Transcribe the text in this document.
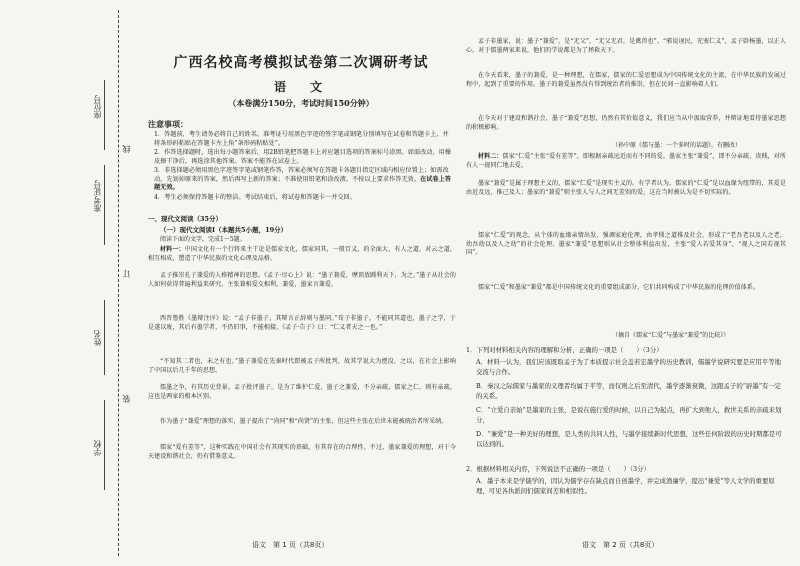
座位号
准考证号
姓名
学校
线
订
装
广西名校高考模拟试卷第二次调研考试
语　文
（本卷满分150分，考试时间150分钟）
注意事项：
1．答题前，考生请务必将自己的姓名、准考证号用黑色字迹的签字笔或钢笔分别填写在试卷和答题卡上，并将条形码粘贴在答题卡左上角“条形码粘贴处”。
2．作答选择题时，选出每小题答案后，用2B铅笔把答题卡上对应题目选项的答案标号涂黑。如需改动，用橡皮擦干净后，再选涂其他答案。答案不能答在试卷上。
3．非选择题必须用黑色字迹签字笔或钢笔作答，答案必须写在答题卡各题目指定区域内相应位置上；如需改动，先划掉原来的答案，然后再写上新的答案；不准使用铅笔和涂改液。不按以上要求作答无效。在试卷上答题无效。
4．考生必须保持答题卡的整洁。考试结束后，将试卷和答题卡一并交回。
一、现代文阅读（35分）
（一）现代文阅读Ⅰ（本题共5小题，19分）
阅读下面的文字，完成1～5题。
材料一：中国文化有一个行将来主干论是儒家文化，儒家同其，一般百义，的全面大，有人之道，对云之道，相互相成，塑造了中华民族的文化心理及品格。
孟子推崇孔子兼爱的人格精神的思想。《孟子·尽心上》说：“墨子兼爱，摩顶放踵利天下，为之。”墨子从社会的人如何获得普遍利益来研究，主张兼相爱交相利，兼爱，墨家言兼爱。
西晋鲁胜《墨辩注序》说：“孟子非墨子，其辩言正辞则与墨同。”荀子非墨子，不能同其道也，墨子之学，于是遂以废，其后有墨学者，不仍旧事，不能相接，《孟子·告子》曰：“仁义者天之一也。”
“不知其二者也，未之有也。”墨子兼爱在先秦时代即被孟子所批判，故其学说大为湮没，之以，在社会上影响了中国以后几千年的思想。
儒墨之争，有其历史背景。孟子批评墨子，是为了维护仁爱，墨子之兼爱，不分亲疏，儒家之仁，则有亲疏，这也是两家的根本区别。
作为墨子“兼爱”理想的落实，墨子提出了“尚同”和“尚贤”的主张，但这些主张在后世未能被统治者所采纳。
儒家“爱有差等”，这种实践在中国社会有其现实的基础，有其存在的合理性。不过，墨家兼爱的理想，对于今天建设和谐社会，仍有借鉴意义。
语文　第 1 页（共8页）
孟子非墨家，说：墨子“兼爱”，是“无父”，“无父无君，是禽兽也”。“邪说诬民，充塞仁义”，孟子辟杨墨，以正人心。对于儒墨两家来说，他们的学说都是为了拯救天下。
在今天看来，墨子的兼爱，是一种理想，在儒家，儒家的仁爱思想成为中国传统文化的主流，在中华民族的发展过程中，起到了重要的作用。墨子的兼爱虽然没有得到统治者的推崇，但在民间一直影响着人们。
在今天对于建设和谐社会，墨子“兼爱”思想，仍然有其价值意义，我们应当从中汲取营养，并辩证地看待墨家思想的积极影响。
（孙中原《儒与墨：一个多时的话题》，有删改）
材料二：儒家“仁爱”主张“爱有差等”，即根据亲疏远近而有不同的爱。墨家主张“兼爱”，即不分亲疏、贵贱，对所有人一视同仁地去爱。
墨家“兼爱”是属于理想主义的，儒家“仁爱”是现实主义的。有学者认为，儒家的“仁爱”是以血缘为纽带的，其爱是由近及远，推己及人；墨家的“兼爱”则主张人与人之间无差别的爱，这在当时被认为是不切实际的。
儒家“仁爱”的观念，从个体的血缘亲情出发，强调家庭伦理，由孝悌之道推及社会，形成了“老吾老以及人之老，幼吾幼以及人之幼”的社会伦理。墨家“兼爱”思想则从社会整体利益出发，主张“爱人若爱其身”，“视人之国若视其国”。
儒家“仁爱”和墨家“兼爱”都是中国传统文化的重要组成部分，它们共同构成了中华民族的伦理价值体系。
（摘自《儒家“仁爱”与墨家“兼爱”的比较》）
1．下列对材料相关内容的理解和分析，正确的一项是（　　）（3分）
A．材料一认为，我们应该既取孟子为了本质提示社会盖若宏墨学的历史教训，儒墨学说研究要是应用平等地交流与合作。
B．秦汉之际儒家与墨家的义理者均属于平等，而仅则之后至清代，墨学逐渐衰微，这跟孟子的“辟墨”有一定的关系。
C．“立爱自亲始”是墨家的主张，是说在施行爱的时候，以自己为起点，再扩大到他人，救世关系的亲疏来划分，
D．“兼爱”是一种美好的理想，是人类的共同人性，与墨学接续新时代思想，这些任何阶段的历史时期都是可以达到的。
2．根据材料相关内容，下列说法不正确的一项是（　　）（3分）
A．墨子本来是学儒学的，因认为儒学存在缺点而自创墨学，并完成渔廉学，提出“兼爱”等人文学的重要原理，可见各执派间们儒家间差和相似性。
语文　第 2 页（共8页）
